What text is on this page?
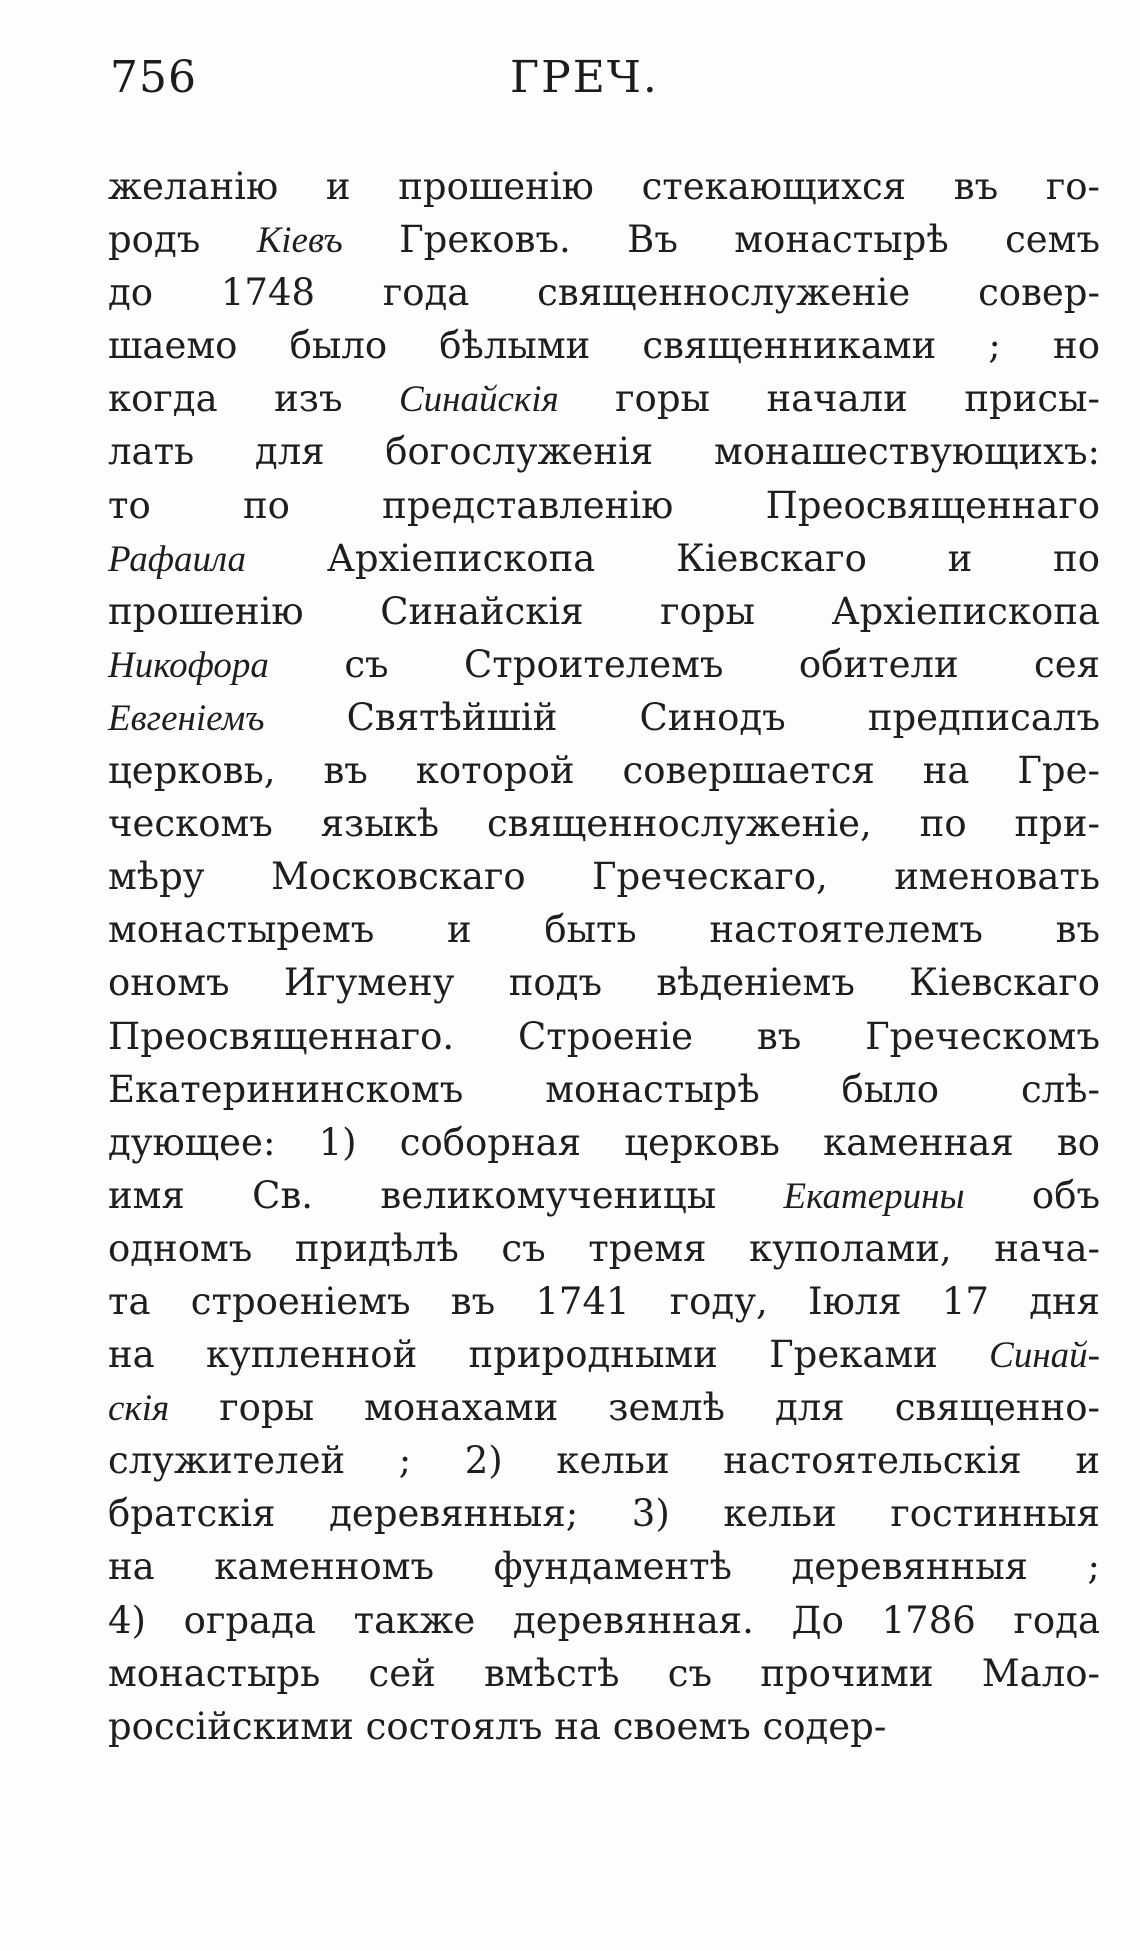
756	ГРЕЧ.
желанiю и прошенiю стекающихся въ го-
родъ Кiевъ Грековъ. Въ монастырѣ семъ
до 1748 года священнослуженiе совер-
шаемо было бѣлыми священниками ; но
когда изъ Синайскiя горы начали присы-
лать для богослуженiя монашествующихъ:
то по представленiю Преосвященнаго
Рафаила Архiепископа Кiевскаго и по
прошенiю Синайскiя горы Архiепископа
Никофора съ Строителемъ обители сея
Евгенiемъ Святѣйшiй Синодъ предписалъ
церковь, въ которой совершается на Гре-
ческомъ языкѣ священнослуженiе, по при-
мѣру Московскаго Греческаго, именовать
монастыремъ и быть настоятелемъ въ
ономъ Игумену подъ вѣденiемъ Кiевскаго
Преосвященнаго. Строенiе въ Греческомъ
Екатерининскомъ монастырѣ было слѣ-
дующее: 1) соборная церковь каменная во
имя Св. великомученицы Екатерины объ
одномъ придѣлѣ съ тремя куполами, нача-
та строенiемъ въ 1741 году, Iюля 17 дня
на купленной природными Греками Синай-
скiя горы монахами землѣ для священно-
служителей ; 2) кельи настоятельскiя и
братскiя деревянныя; 3) кельи гостинныя
на каменномъ фундаментѣ деревянныя ;
4) ограда также деревянная. До 1786 года
монастырь сей вмѣстѣ съ прочими Мало-
россiйскими состоялъ на своемъ содер-
